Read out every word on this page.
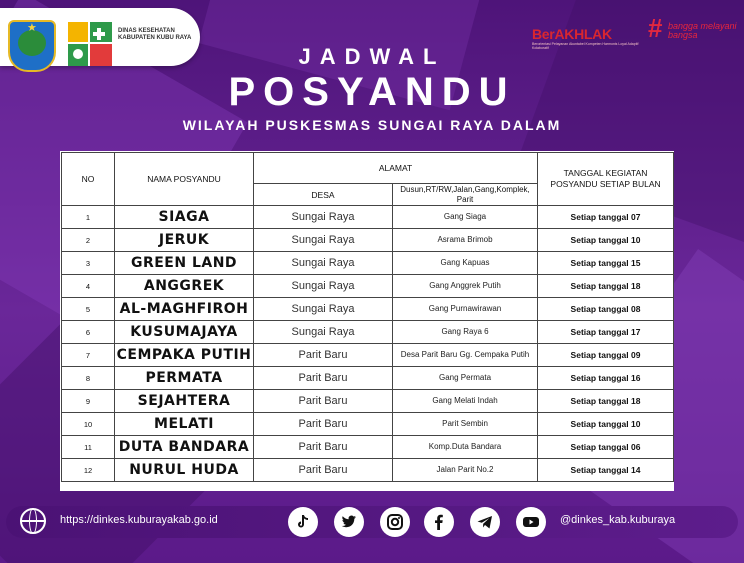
★	DINAS KESEHATAN KABUPATEN KUBU RAYA	BerAKHLAK
Berorientasi Pelayanan Akuntabel Kompeten Harmonis Loyal Adaptif Kolaboratif
# bangga melayani bangsa
JADWAL
POSYANDU
WILAYAH PUSKESMAS SUNGAI RAYA DALAM
NO	NAMA POSYANDU	ALAMAT		TANGGAL KEGIATAN POSYANDU SETIAP BULAN
		DESA	Dusun,RT/RW,Jalan,Gang,Komplek, Parit	
1	SIAGA	Sungai Raya	Gang Siaga	Setiap tanggal 07
2	JERUK	Sungai Raya	Asrama Brimob	Setiap tanggal 10
3	GREEN LAND	Sungai Raya	Gang Kapuas	Setiap tanggal 15
4	ANGGREK	Sungai Raya	Gang Anggrek Putih	Setiap tanggal 18
5	AL-MAGHFIROH	Sungai Raya	Gang Purnawirawan	Setiap tanggal 08
6	KUSUMAJAYA	Sungai Raya	Gang Raya 6	Setiap tanggal 17
7	CEMPAKA PUTIH	Parit Baru	Desa Parit Baru Gg. Cempaka Putih	Setiap tanggal 09
8	PERMATA	Parit Baru	Gang Permata	Setiap tanggal 16
9	SEJAHTERA	Parit Baru	Gang Melati Indah	Setiap tanggal 18
10	MELATI	Parit Baru	Parit Sembin	Setiap tanggal 10
11	DUTA BANDARA	Parit Baru	Komp.Duta Bandara	Setiap tanggal 06
12	NURUL HUDA	Parit Baru	Jalan Parit No.2	Setiap tanggal 14
https://dinkes.kuburayakab.go.id	@dinkes_kab.kuburaya
